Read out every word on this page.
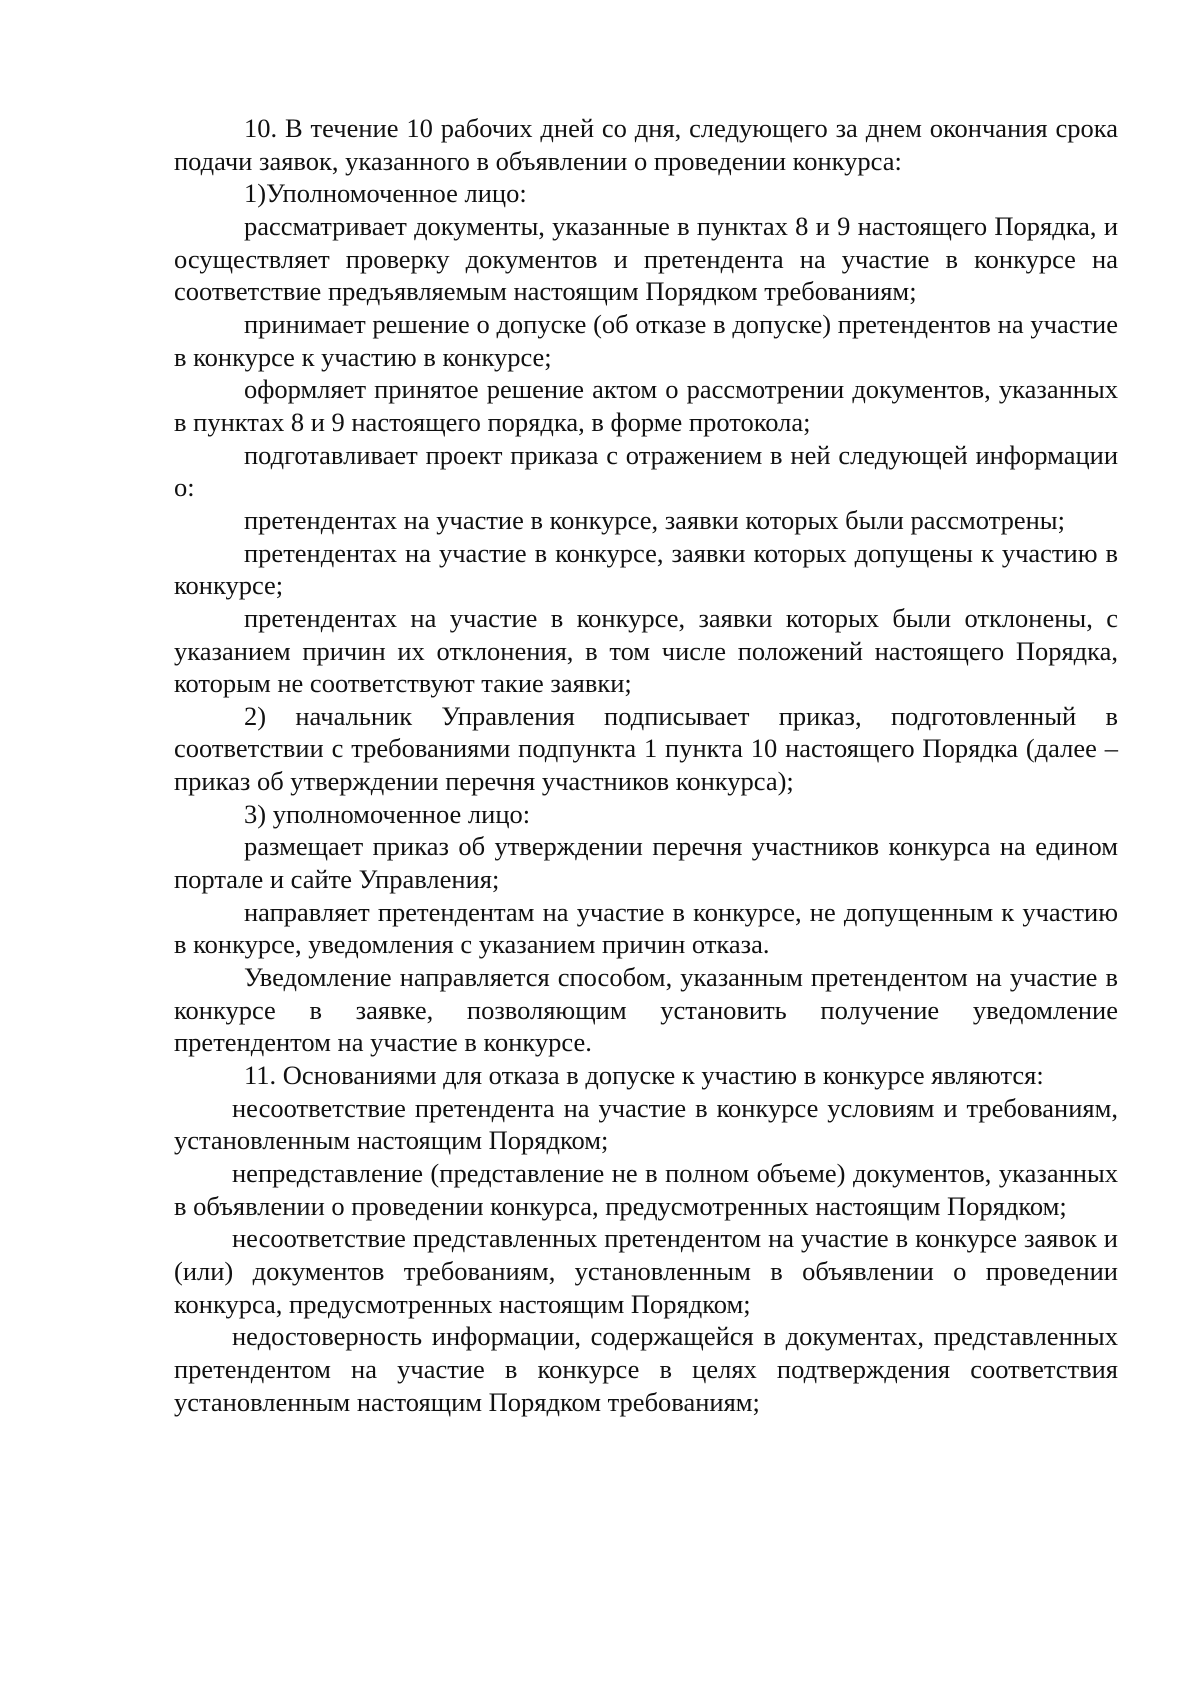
10. В течение 10 рабочих дней со дня, следующего за днем окончания срока подачи заявок, указанного в объявлении о проведении конкурса:

1)Уполномоченное лицо:

рассматривает документы, указанные в пунктах 8 и 9 настоящего Порядка, и осуществляет проверку документов и претендента на участие в конкурсе на соответствие предъявляемым настоящим Порядком требованиям;

принимает решение о допуске (об отказе в допуске) претендентов на участие в конкурсе к участию в конкурсе;

оформляет принятое решение актом о рассмотрении документов, указанных в пунктах 8 и 9 настоящего порядка, в форме протокола;

подготавливает проект приказа с отражением в ней следующей информации о:

претендентах на участие в конкурсе, заявки которых были рассмотрены;

претендентах на участие в конкурсе, заявки которых допущены к участию в конкурсе;

претендентах на участие в конкурсе, заявки которых были отклонены, с указанием причин их отклонения, в том числе положений настоящего Порядка, которым не соответствуют такие заявки;

2) начальник Управления подписывает приказ, подготовленный в соответствии с требованиями подпункта 1 пункта 10 настоящего Порядка (далее – приказ об утверждении перечня участников конкурса);

3) уполномоченное лицо:

размещает приказ об утверждении перечня участников конкурса на едином портале и сайте Управления;

направляет претендентам на участие в конкурсе, не допущенным к участию в конкурсе, уведомления с указанием причин отказа.

Уведомление направляется способом, указанным претендентом на участие в конкурсе в заявке, позволяющим установить получение уведомление претендентом на участие в конкурсе.

11. Основаниями для отказа в допуске к участию в конкурсе являются:

несоответствие претендента на участие в конкурсе условиям и требованиям, установленным настоящим Порядком;

непредставление (представление не в полном объеме) документов, указанных в объявлении о проведении конкурса, предусмотренных настоящим Порядком;

несоответствие представленных претендентом на участие в конкурсе заявок и (или) документов требованиям, установленным в объявлении о проведении конкурса, предусмотренных настоящим Порядком;

недостоверность информации, содержащейся в документах, представленных претендентом на участие в конкурсе в целях подтверждения соответствия установленным настоящим Порядком требованиям;
